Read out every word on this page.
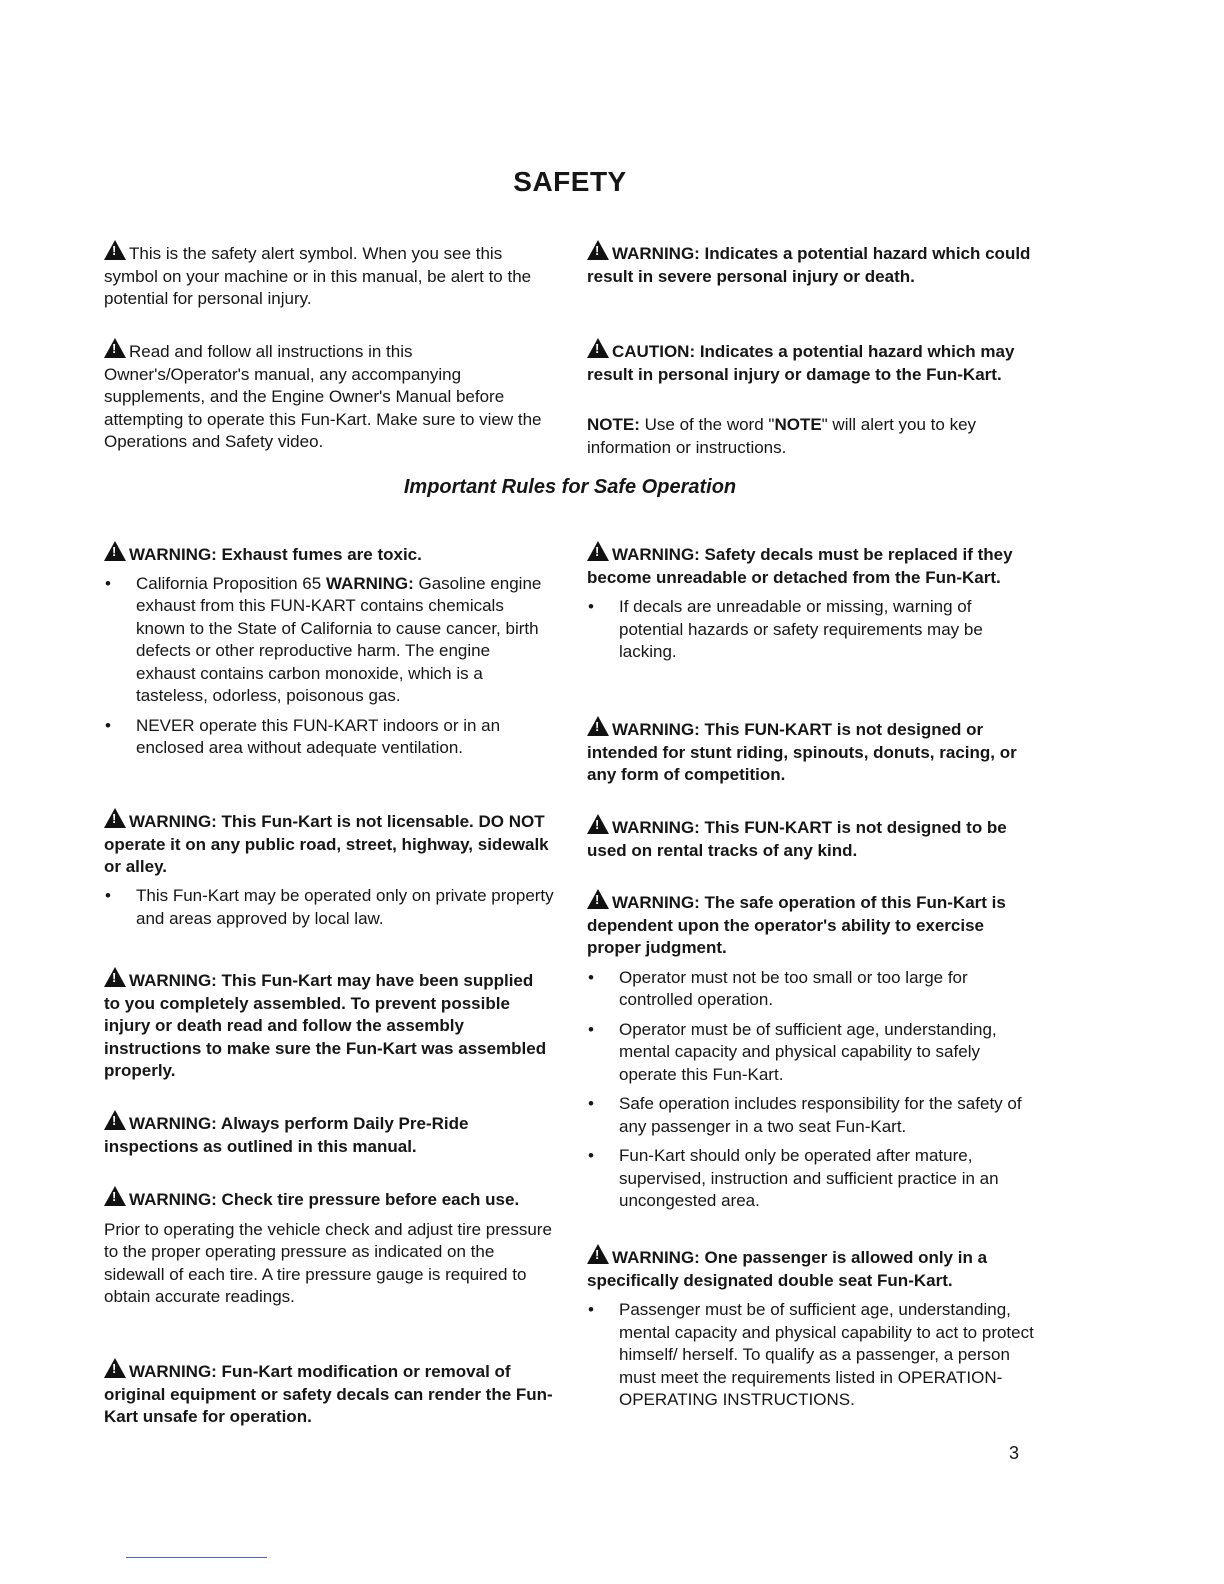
SAFETY
!This is the safety alert symbol. When you see this symbol on your machine or in this manual, be alert to the potential for personal injury.
!Read and follow all instructions in this Owner's/Operator's manual, any accompanying supplements, and the Engine Owner's Manual before attempting to operate this Fun-Kart. Make sure to view the Operations and Safety video.
!WARNING: Indicates a potential hazard which could result in severe personal injury or death.
!CAUTION: Indicates a potential hazard which may result in personal injury or damage to the Fun-Kart.
NOTE: Use of the word "NOTE" will alert you to key information or instructions.
Important Rules for Safe Operation

!WARNING: Exhaust fumes are toxic.

• California Proposition 65 WARNING: Gasoline engine exhaust from this FUN-KART contains chemicals known to the State of California to cause cancer, birth defects or other reproductive harm. The engine exhaust contains carbon monoxide, which is a tasteless, odorless, poisonous gas.
• NEVER operate this FUN-KART indoors or in an enclosed area without adequate ventilation.
!WARNING: This Fun-Kart is not licensable. DO NOT operate it on any public road, street, highway, sidewalk or alley.
• This Fun-Kart may be operated only on private property and areas approved by local law.
!WARNING: This Fun-Kart may have been supplied to you completely assembled. To prevent possible injury or death read and follow the assembly instructions to make sure the Fun-Kart was assembled properly.
!WARNING: Always perform Daily Pre-Ride inspections as outlined in this manual.

!WARNING: Check tire pressure before each use.

Prior to operating the vehicle check and adjust tire pressure to the proper operating pressure as indicated on the sidewall of each tire. A tire pressure gauge is required to obtain accurate readings.

!WARNING: Fun-Kart modification or removal of original equipment or safety decals can render the Fun-Kart unsafe for operation.

!WARNING: Safety decals must be replaced if they become unreadable or detached from the Fun-Kart.

• If decals are unreadable or missing, warning of potential hazards or safety requirements may be lacking.
!WARNING: This FUN-KART is not designed or intended for stunt riding, spinouts, donuts, racing, or any form of competition.
!WARNING: This FUN-KART is not designed to be used on rental tracks of any kind.

!WARNING: The safe operation of this Fun-Kart is dependent upon the operator's ability to exercise proper judgment.

• Operator must not be too small or too large for controlled operation.
• Operator must be of sufficient age, understanding, mental capacity and physical capability to safely operate this Fun-Kart.
• Safe operation includes responsibility for the safety of any passenger in a two seat Fun-Kart.
• Fun-Kart should only be operated after mature, supervised, instruction and sufficient practice in an uncongested area.

!WARNING: One passenger is allowed only in a specifically designated double seat Fun-Kart.

• Passenger must be of sufficient age, understanding, mental capacity and physical capability to act to protect himself/ herself. To qualify as a passenger, a person must meet the requirements listed in OPERATION-OPERATING INSTRUCTIONS.
3
